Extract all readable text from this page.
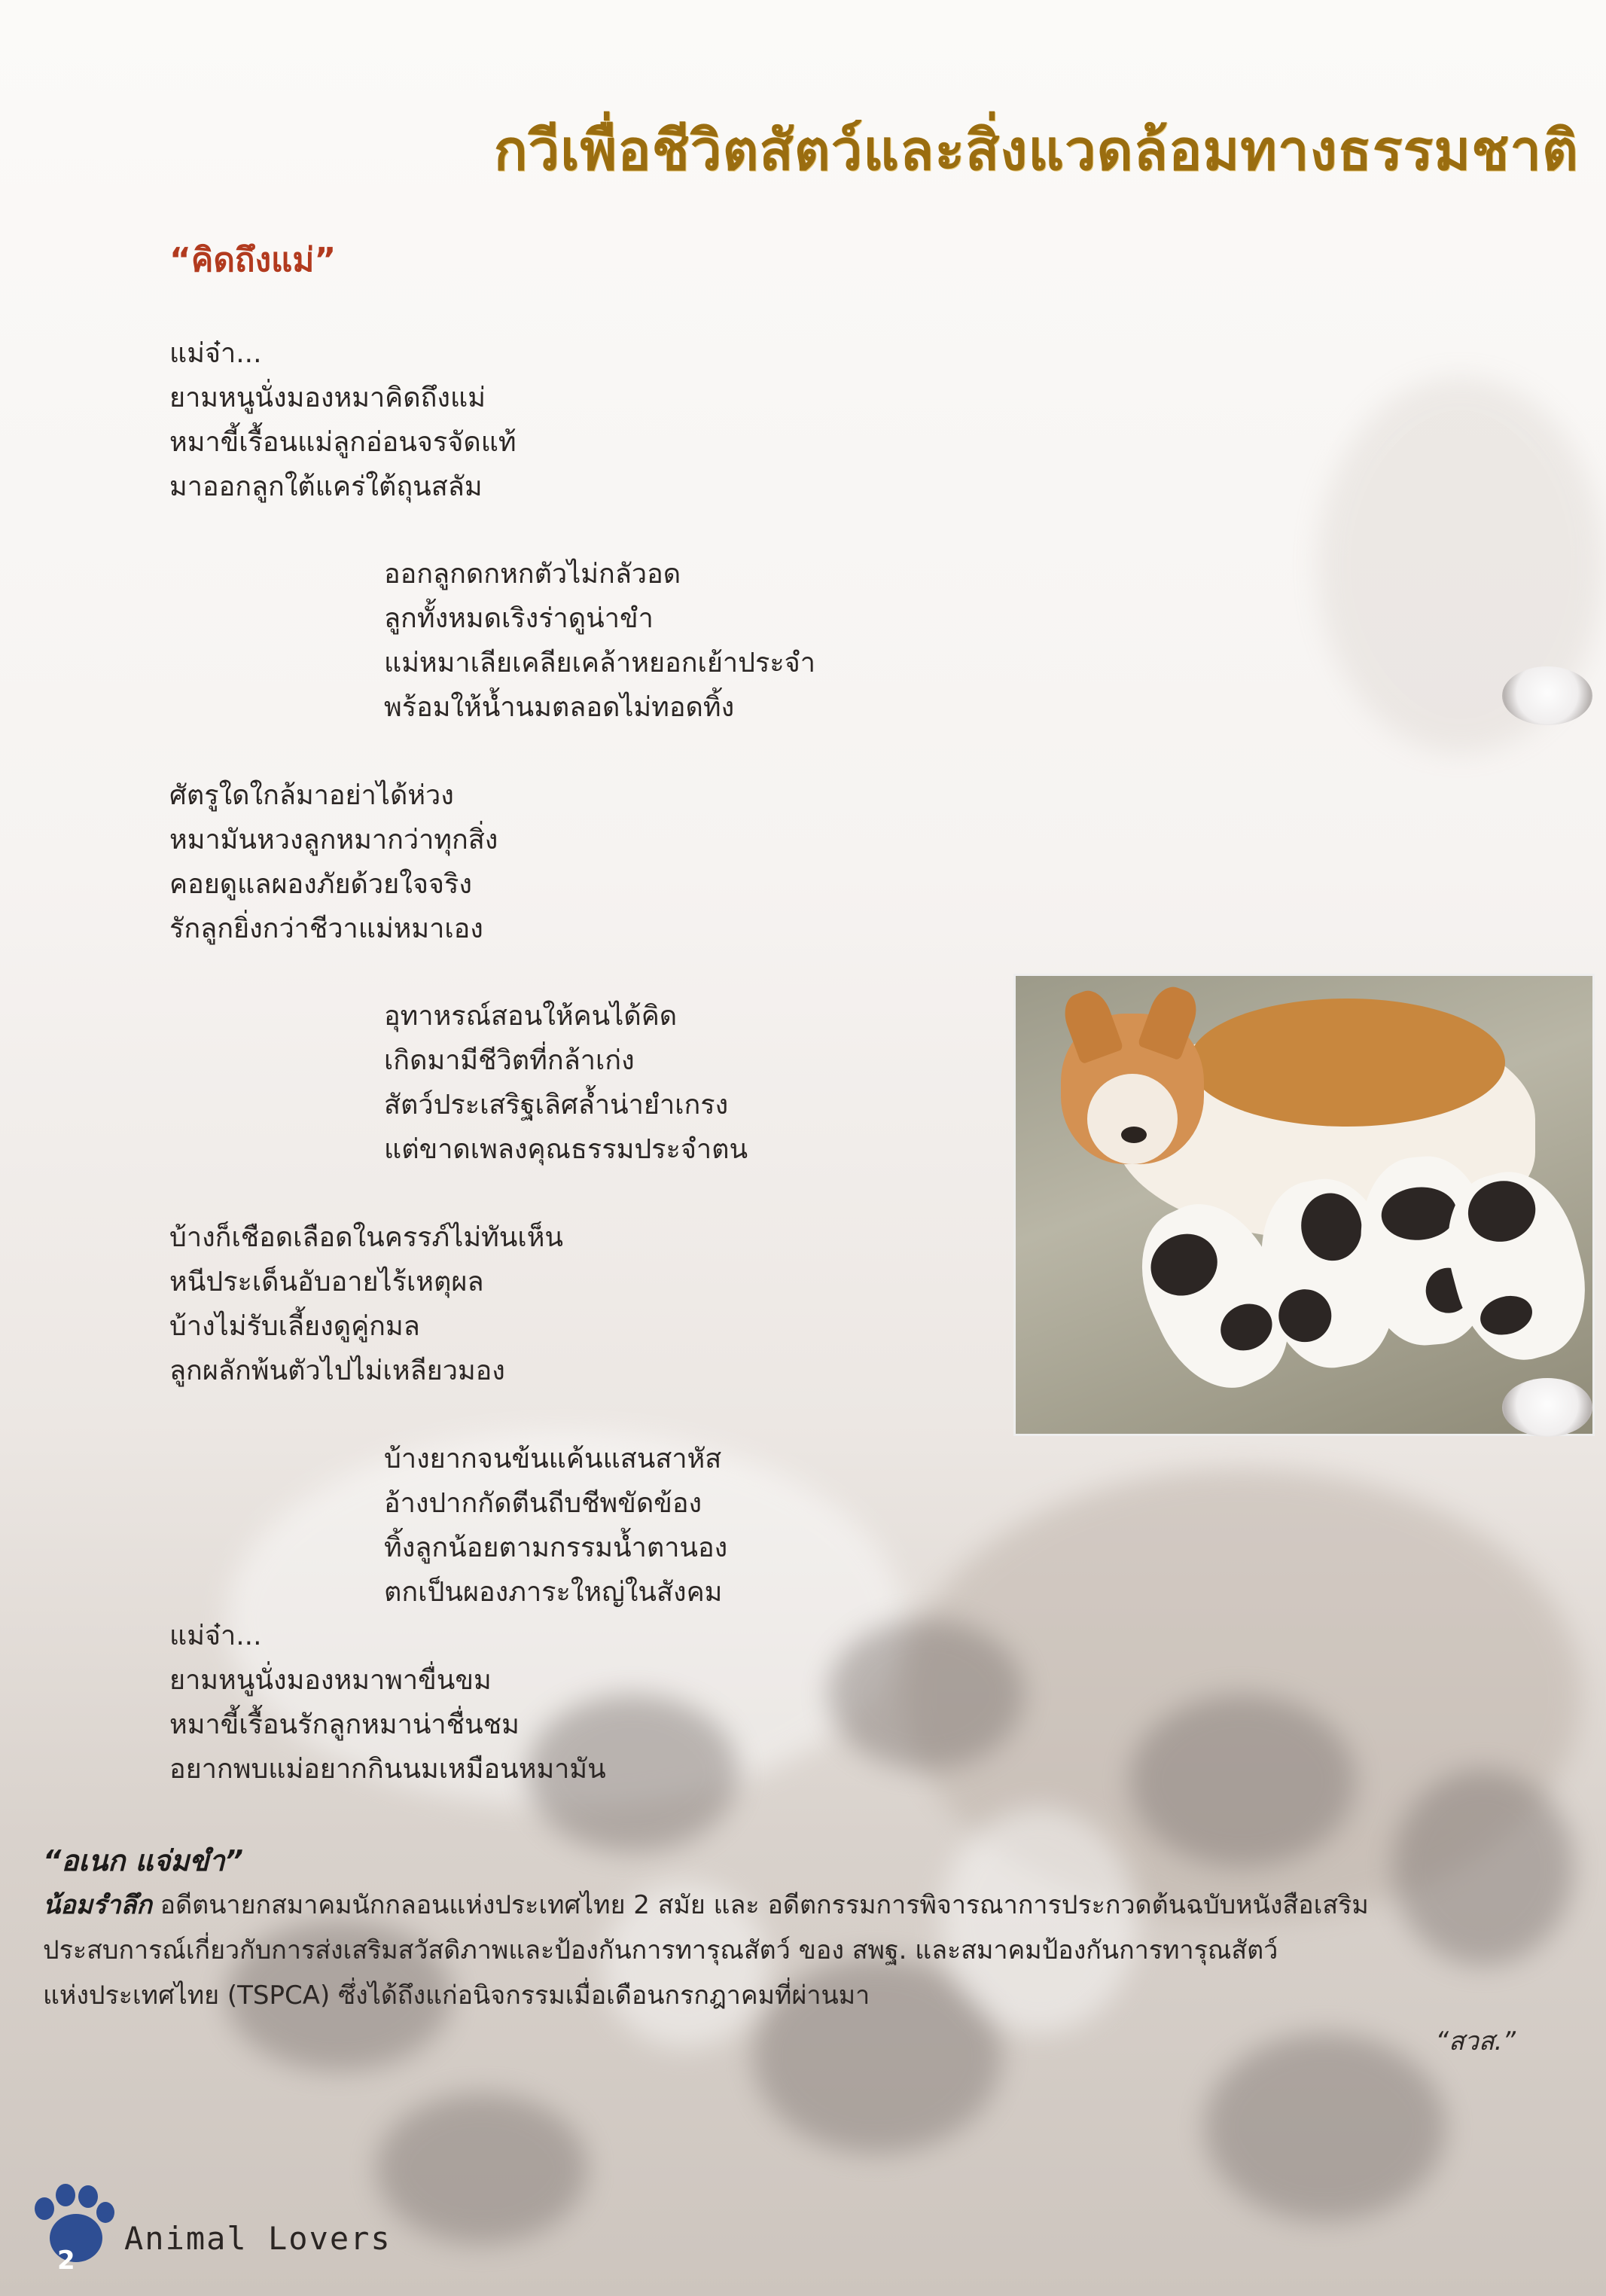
กวีเพื่อชีวิตสัตว์และสิ่งแวดล้อมทางธรรมชาติ
“คิดถึงแม่”
แม่จ๋า...
ยามหนูนั่งมองหมาคิดถึงแม่
หมาขี้เรื้อนแม่ลูกอ่อนจรจัดแท้
มาออกลูกใต้แคร่ใต้ถุนสลัม
ออกลูกดกหกตัวไม่กลัวอด
ลูกทั้งหมดเริงร่าดูน่าขำ
แม่หมาเลียเคลียเคล้าหยอกเย้าประจำ
พร้อมให้น้ำนมตลอดไม่ทอดทิ้ง
ศัตรูใดใกล้มาอย่าได้ห่วง
หมามันหวงลูกหมากว่าทุกสิ่ง
คอยดูแลผองภัยด้วยใจจริง
รักลูกยิ่งกว่าชีวาแม่หมาเอง
อุทาหรณ์สอนให้คนได้คิด
เกิดมามีชีวิตที่กล้าเก่ง
สัตว์ประเสริฐเลิศล้ำน่ายำเกรง
แต่ขาดเพลงคุณธรรมประจำตน
บ้างก็เชือดเลือดในครรภ์ไม่ทันเห็น
หนีประเด็นอับอายไร้เหตุผล
บ้างไม่รับเลี้ยงดูคู่กมล
ลูกผลักพ้นตัวไปไม่เหลียวมอง
บ้างยากจนข้นแค้นแสนสาหัส
อ้างปากกัดตีนถีบชีพขัดข้อง
ทิ้งลูกน้อยตามกรรมน้ำตานอง
ตกเป็นผองภาระใหญ่ในสังคม
แม่จ๋า...
ยามหนูนั่งมองหมาพาขื่นขม
หมาขี้เรื้อนรักลูกหมาน่าชื่นชม
อยากพบแม่อยากกินนมเหมือนหมามัน
“อเนก แจ่มขำ”
น้อมรำลึก อดีตนายกสมาคมนักกลอนแห่งประเทศไทย 2 สมัย และ อดีตกรรมการพิจารณาการประกวดต้นฉบับหนังสือเสริม
ประสบการณ์เกี่ยวกับการส่งเสริมสวัสดิภาพและป้องกันการทารุณสัตว์ ของ สพฐ. และสมาคมป้องกันการทารุณสัตว์
แห่งประเทศไทย (TSPCA) ซึ่งได้ถึงแก่อนิจกรรมเมื่อเดือนกรกฎาคมที่ผ่านมา
“สวส.”
2
Animal Lovers
